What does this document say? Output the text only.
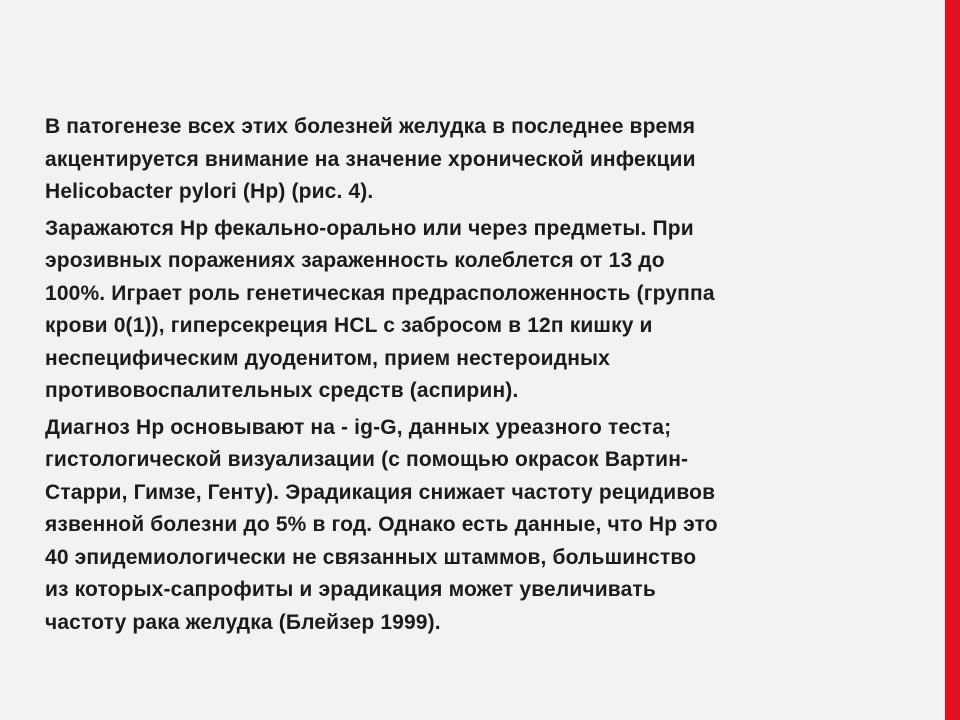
В патогенезе всех этих болезней желудка в последнее время
акцентируется внимание на значение хронической инфекции
Helicobacter pylori (Hp) (рис. 4).
Заражаются Hp фекально-орально или через предметы. При
эрозивных поражениях зараженность колеблется от 13 до
100%. Играет роль генетическая предрасположенность (группа
крови 0(1)), гиперсекреция HCL с забросом в 12п кишку и
неспецифическим дуоденитом, прием нестероидных
противовоспалительных средств (аспирин).
Диагноз Hp основывают на - ig-G, данных уреазного теста;
гистологической визуализации (с помощью окрасок Вартин-
Старри, Гимзе, Генту). Эрадикация снижает частоту рецидивов
язвенной болезни до 5% в год. Однако есть данные, что Hp это
40 эпидемиологически не связанных штаммов, большинство
из которых-сапрофиты и эрадикация может увеличивать
частоту рака желудка (Блейзер 1999).
